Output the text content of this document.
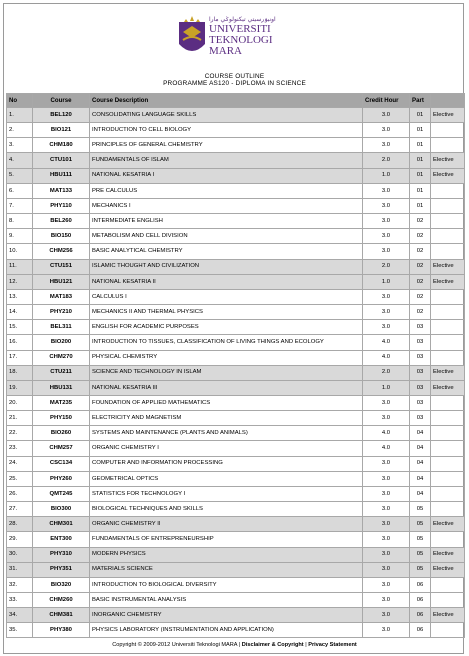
اونيۏرسيتي تيكنولوݢي مارا
UNIVERSITI
TEKNOLOGI
MARA
COURSE OUTLINE
PROGRAMME AS120 - DIPLOMA IN SCIENCE
No	Course	Course Description	Credit Hour	Part	
1.	BEL120	CONSOLIDATING LANGUAGE SKILLS	3.0	01	Elective
2.	BIO121	INTRODUCTION TO CELL BIOLOGY	3.0	01	
3.	CHM180	PRINCIPLES OF GENERAL CHEMISTRY	3.0	01	
4.	CTU101	FUNDAMENTALS OF ISLAM	2.0	01	Elective
5.	HBU111	NATIONAL KESATRIA I	1.0	01	Elective
6.	MAT133	PRE CALCULUS	3.0	01	
7.	PHY110	MECHANICS I	3.0	01	
8.	BEL260	INTERMEDIATE ENGLISH	3.0	02	
9.	BIO150	METABOLISM AND CELL DIVISION	3.0	02	
10.	CHM256	BASIC ANALYTICAL CHEMISTRY	3.0	02	
11.	CTU151	ISLAMIC THOUGHT AND CIVILIZATION	2.0	02	Elective
12.	HBU121	NATIONAL KESATRIA II	1.0	02	Elective
13.	MAT183	CALCULUS I	3.0	02	
14.	PHY210	MECHANICS II AND THERMAL PHYSICS	3.0	02	
15.	BEL311	ENGLISH FOR ACADEMIC PURPOSES	3.0	03	
16.	BIO200	INTRODUCTION TO TISSUES, CLASSIFICATION OF LIVING THINGS AND ECOLOGY	4.0	03	
17.	CHM270	PHYSICAL CHEMISTRY	4.0	03	
18.	CTU211	SCIENCE AND TECHNOLOGY IN ISLAM	2.0	03	Elective
19.	HBU131	NATIONAL KESATRIA III	1.0	03	Elective
20.	MAT235	FOUNDATION OF APPLIED MATHEMATICS	3.0	03	
21.	PHY150	ELECTRICITY AND MAGNETISM	3.0	03	
22.	BIO260	SYSTEMS AND MAINTENANCE (PLANTS AND ANIMALS)	4.0	04	
23.	CHM257	ORGANIC CHEMISTRY I	4.0	04	
24.	CSC134	COMPUTER AND INFORMATION PROCESSING	3.0	04	
25.	PHY260	GEOMETRICAL OPTICS	3.0	04	
26.	QMT245	STATISTICS FOR TECHNOLOGY I	3.0	04	
27.	BIO300	BIOLOGICAL TECHNIQUES AND SKILLS	3.0	05	
28.	CHM301	ORGANIC CHEMISTRY II	3.0	05	Elective
29.	ENT300	FUNDAMENTALS OF ENTREPRENEURSHIP	3.0	05	
30.	PHY310	MODERN PHYSICS	3.0	05	Elective
31.	PHY351	MATERIALS SCIENCE	3.0	05	Elective
32.	BIO320	INTRODUCTION TO BIOLOGICAL DIVERSITY	3.0	06	
33.	CHM260	BASIC INSTRUMENTAL ANALYSIS	3.0	06	
34.	CHM381	INORGANIC CHEMISTRY	3.0	06	Elective
35.	PHY380	PHYSICS LABORATORY (INSTRUMENTATION AND APPLICATION)	3.0	06	
Copyright © 2009-2012 Universiti Teknologi MARA | Disclaimer & Copyright | Privacy Statement
